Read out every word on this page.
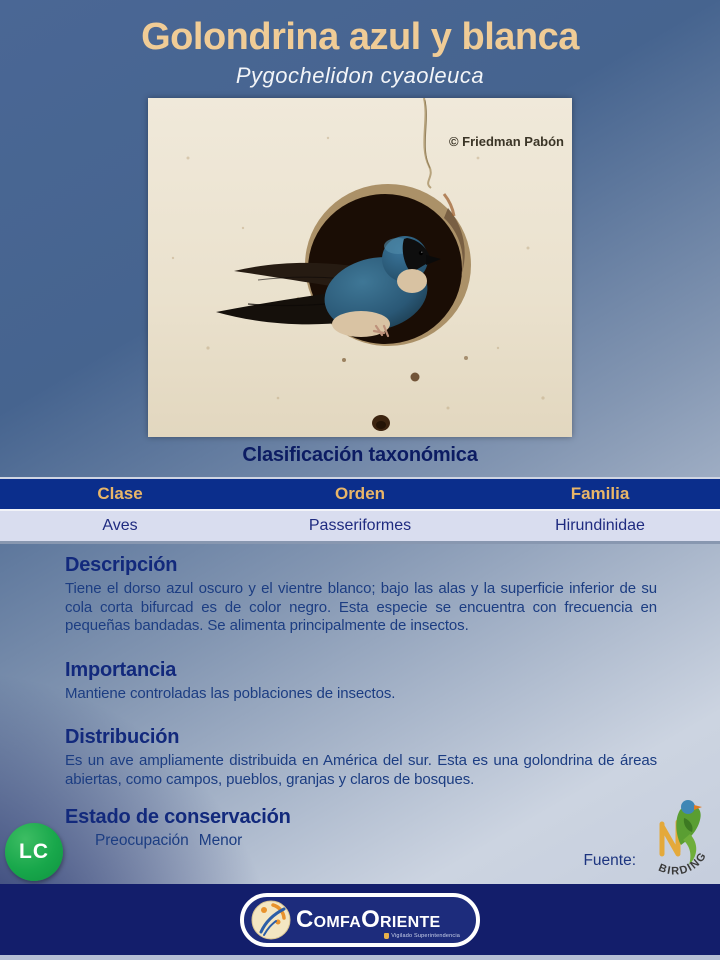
Golondrina azul y blanca
Pygochelidon cyaoleuca
© Friedman Pabón
Clasificación taxonómica
Clase	Orden	Familia
Aves	Passeriformes	Hirundinidae
Descripción

Tiene el dorso azul oscuro y el vientre blanco; bajo las alas y la superficie inferior de su cola corta bifurcad es de color negro. Esta especie se encuentra con frecuencia en pequeñas bandadas. Se alimenta principalmente de insectos.

Importancia

Mantiene controladas las poblaciones de insectos.

Distribución

Es un ave ampliamente distribuida en América del sur. Esta es una golondrina de áreas abiertas, como campos, pueblos, granjas y claros de bosques.

Estado de conservación

Preocupación Menor

LC	Fuente:
BIRDING
C OMFA O RIENTE
Vigilado Superintendencia
